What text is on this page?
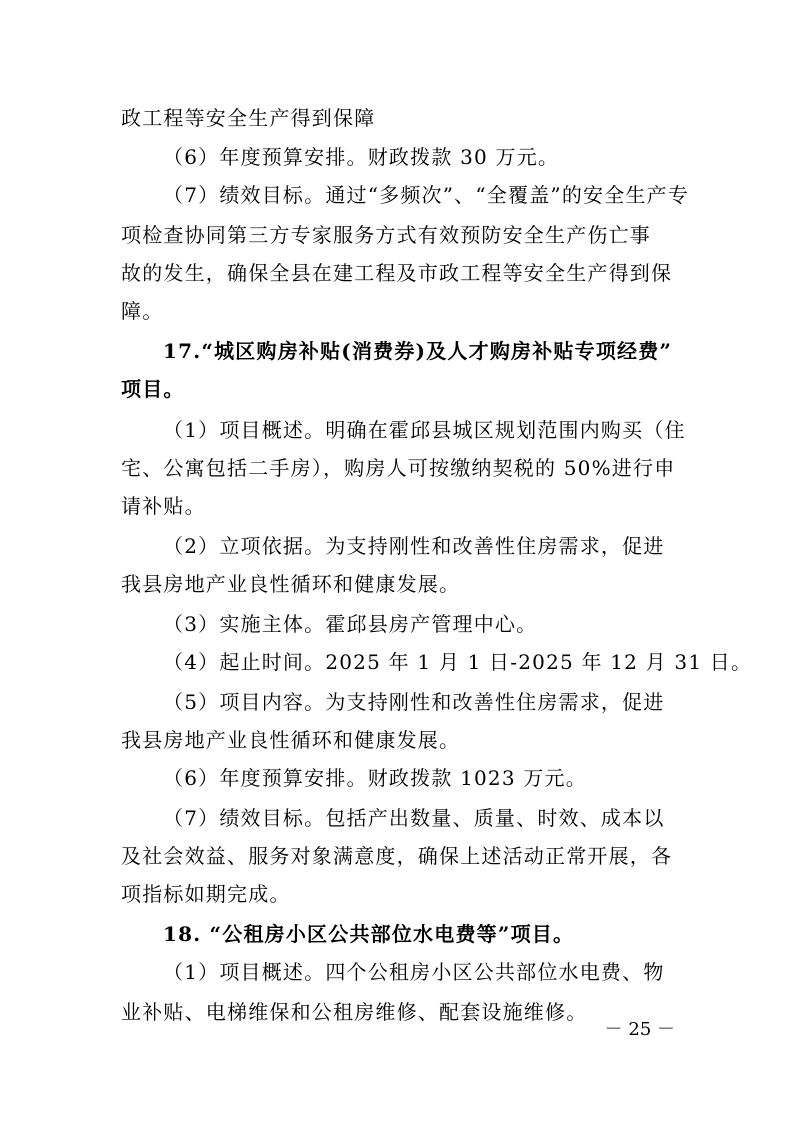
政工程等安全生产得到保障
（6）年度预算安排。财政拨款 30 万元。
（7）绩效目标。通过“多频次”、“全覆盖”的安全生产专
项检查协同第三方专家服务方式有效预防安全生产伤亡事
故的发生，确保全县在建工程及市政工程等安全生产得到保
障。
17.“城区购房补贴(消费券)及人才购房补贴专项经费”
项目。
（1）项目概述。明确在霍邱县城区规划范围内购买（住
宅、公寓包括二手房），购房人可按缴纳契税的 50%进行申
请补贴。
（2）立项依据。为支持刚性和改善性住房需求，促进
我县房地产业良性循环和健康发展。
（3）实施主体。霍邱县房产管理中心。
（4）起止时间。2025 年 1 月 1 日-2025 年 12 月 31 日。
（5）项目内容。为支持刚性和改善性住房需求，促进
我县房地产业良性循环和健康发展。
（6）年度预算安排。财政拨款 1023 万元。
（7）绩效目标。包括产出数量、质量、时效、成本以
及社会效益、服务对象满意度，确保上述活动正常开展，各
项指标如期完成。
18. “公租房小区公共部位水电费等”项目。
（1）项目概述。四个公租房小区公共部位水电费、物
业补贴、电梯维保和公租房维修、配套设施维修。
－ 25 －
